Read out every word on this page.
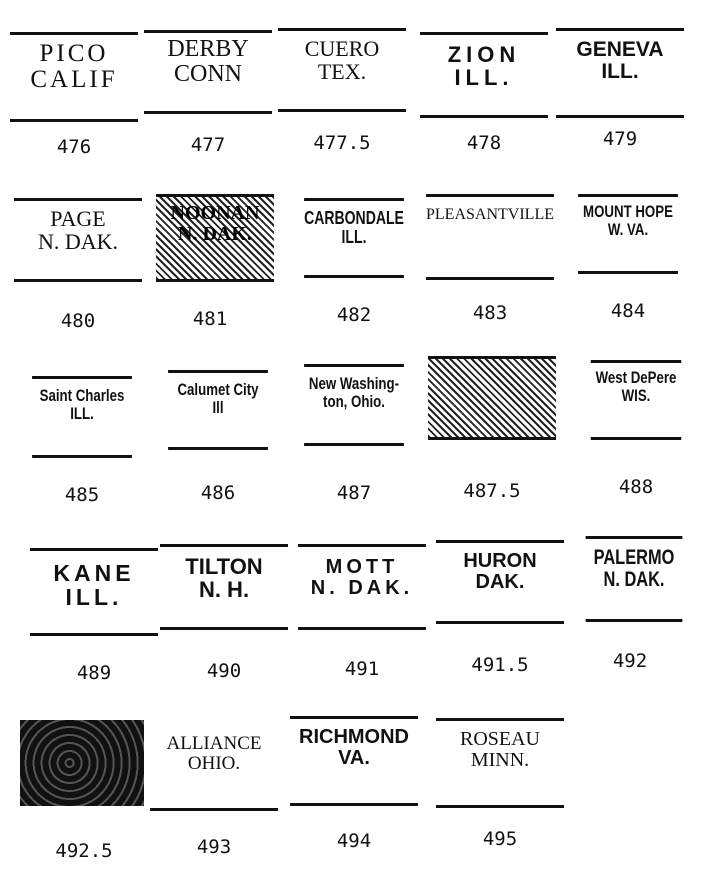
PICO
CALIF
476
DERBY
CONN
477
CUERO
TEX.
477.5
ZION
ILL.
478
GENEVA
ILL.
479
PAGE
N. DAK.
480
NOONAN
N. DAK.
481
CARBONDALE
ILL.
482
PLEASANTVILLE
483
MOUNT HOPE
W. VA.
484
Saint Charles
ILL.
485
Calumet City
Ill
486
New Washing-
ton, Ohio.
487	487.5
West DePere
WIS.
488
KANE
ILL.
489
TILTON
N. H.
490
MOTT
N. DAK.
491
HURON
DAK.
491.5
PALERMO
N. DAK.
492
492.5
ALLIANCE
OHIO.
493
RICHMOND
VA.
494
ROSEAU
MINN.
495
